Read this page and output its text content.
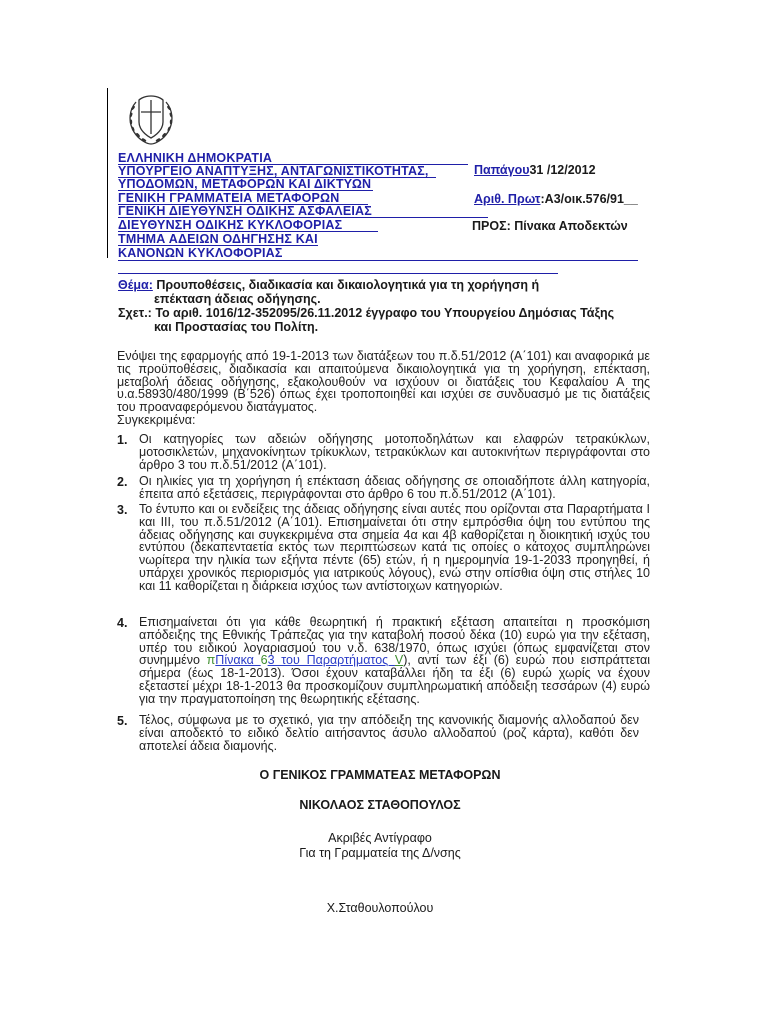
ΕΛΛΗΝΙΚΗ ΔΗΜΟΚΡΑΤΙΑ
ΥΠΟΥΡΓΕΙΟ ΑΝΑΠΤΥΞΗΣ, ΑΝΤΑΓΩΝΙΣΤΙΚΟΤΗΤΑΣ,
ΥΠΟΔΟΜΩΝ, ΜΕΤΑΦΟΡΩΝ ΚΑΙ ΔΙΚΤΥΩΝ
ΓΕΝΙΚΗ ΓΡΑΜΜΑΤΕΙΑ ΜΕΤΑΦΟΡΩΝ
ΓΕΝΙΚΗ ΔΙΕΥΘΥΝΣΗ ΟΔΙΚΗΣ ΑΣΦΑΛΕΙΑΣ
ΔΙΕΥΘΥΝΣΗ ΟΔΙΚΗΣ ΚΥΚΛΟΦΟΡΙΑΣ
ΤΜΗΜΑ ΑΔΕΙΩΝ ΟΔΗΓΗΣΗΣ ΚΑΙ
ΚΑΝΟΝΩΝ ΚΥΚΛΟΦΟΡΙΑΣ
Παπάγου31 /12/2012
Αριθ. Πρωτ:Α3/οικ.576/91__
ΠΡΟΣ: Πίνακα Αποδεκτών
Θέμα: Προυποθέσεις, διαδικασία και δικαιολογητικά για τη χορήγηση ή
επέκταση άδειας οδήγησης.
Σχετ.: Το αριθ. 1016/12-352095/26.11.2012 έγγραφο του Υπουργείου Δημόσιας Τάξης
και Προστασίας του Πολίτη.
Ενόψει της εφαρμογής από 19-1-2013 των διατάξεων του π.δ.51/2012 (Α΄101) και αναφορικά με τις προϋποθέσεις, διαδικασία και απαιτούμενα δικαιολογητικά για τη χορήγηση, επέκταση, μεταβολή άδειας οδήγησης, εξακολουθούν να ισχύουν οι διατάξεις του Κεφαλαίου Α της υ.α.58930/480/1999 (Β΄526) όπως έχει τροποποιηθεί και ισχύει σε συνδυασμό με τις διατάξεις του προαναφερόμενου διατάγματος.
Συγκεκριμένα:
1. Οι κατηγορίες των αδειών οδήγησης μοτοποδηλάτων και ελαφρών τετρακύκλων, μοτοσικλετών, μηχανοκίνητων τρίκυκλων, τετρακύκλων και αυτοκινήτων περιγράφονται στο άρθρο 3 του π.δ.51/2012 (Α΄101).
2. Οι ηλικίες για τη χορήγηση ή επέκταση άδειας οδήγησης σε οποιαδήποτε άλλη κατηγορία, έπειτα από εξετάσεις, περιγράφονται στο άρθρο 6 του π.δ.51/2012 (Α΄101).
3. Το έντυπο και οι ενδείξεις της άδειας οδήγησης είναι αυτές που ορίζονται στα Παραρτήματα Ι και ΙΙΙ, του π.δ.51/2012 (Α΄101). Επισημαίνεται ότι στην εμπρόσθια όψη του εντύπου της άδειας οδήγησης και συγκεκριμένα στα σημεία 4α και 4β καθορίζεται η διοικητική ισχύς του εντύπου (δεκαπενταετία εκτός των περιπτώσεων κατά τις οποίες ο κάτοχος συμπληρώνει νωρίτερα την ηλικία των εξήντα πέντε (65) ετών, ή η ημερομηνία 19-1-2033 προηγηθεί, ή υπάρχει χρονικός περιορισμός για ιατρικούς λόγους), ενώ στην οπίσθια όψη στις στήλες 10 και 11 καθορίζεται η διάρκεια ισχύος των αντίστοιχων κατηγοριών.
4. Επισημαίνεται ότι για κάθε θεωρητική ή πρακτική εξέταση απαιτείται η προσκόμιση απόδειξης της Εθνικής Τράπεζας για την καταβολή ποσού δέκα (10) ευρώ για την εξέταση, υπέρ του ειδικού λογαριασμού του ν.δ. 638/1970, όπως ισχύει (όπως εμφανίζεται στον συνημμένο πΠίνακα 63 του Παραρτήματος V), αντί των έξι (6) ευρώ που εισπράττεται σήμερα (έως 18-1-2013). Όσοι έχουν καταβάλλει ήδη τα έξι (6) ευρώ χωρίς να έχουν εξεταστεί μέχρι 18-1-2013 θα προσκομίζουν συμπληρωματική απόδειξη τεσσάρων (4) ευρώ για την πραγματοποίηση της θεωρητικής εξέτασης.
5. Τέλος, σύμφωνα με το σχετικό, για την απόδειξη της κανονικής διαμονής αλλοδαπού δεν είναι αποδεκτό το ειδικό δελτίο αιτήσαντος άσυλο αλλοδαπού (ροζ κάρτα), καθότι δεν αποτελεί άδεια διαμονής.
Ο ΓΕΝΙΚΟΣ ΓΡΑΜΜΑΤΕΑΣ ΜΕΤΑΦΟΡΩΝ
ΝΙΚΟΛΑΟΣ ΣΤΑΘΟΠΟΥΛΟΣ
Ακριβές Αντίγραφο
Για τη Γραμματεία της Δ/νσης
Χ.Σταθουλοπούλου
